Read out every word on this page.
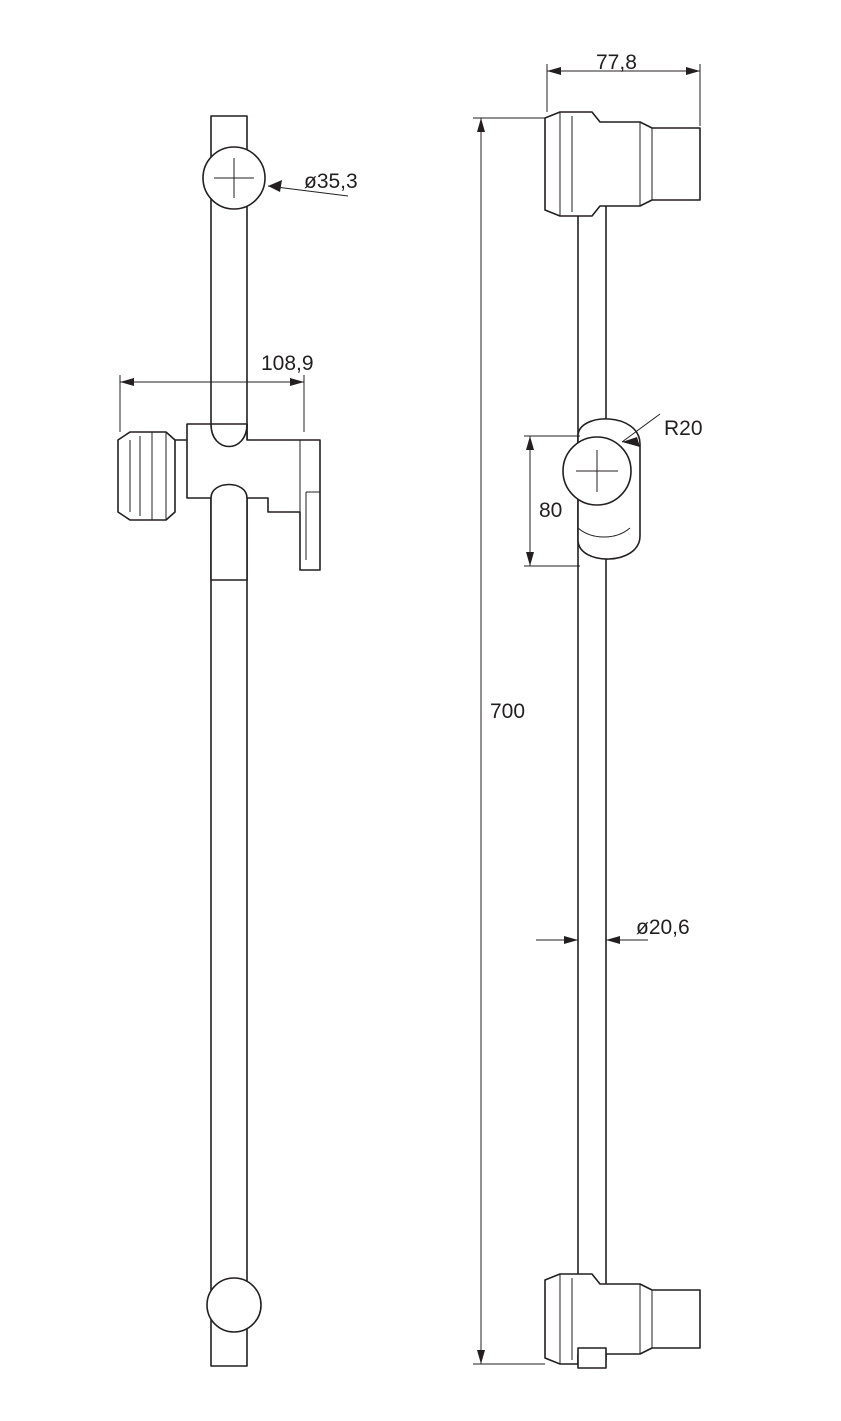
ø35,3
108,9
77,8
R20
80
700
ø20,6
